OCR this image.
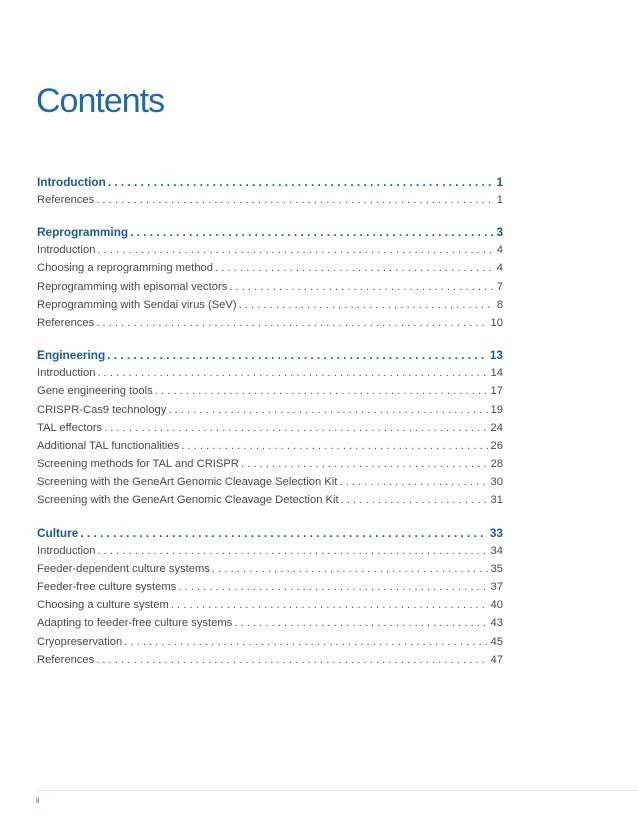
Contents
Introduction . . .	1
References . . .	1
Reprogramming . . .	3
Introduction . . .	4
Choosing a reprogramming method . . .	4
Reprogramming with episomal vectors . . .	7
Reprogramming with Sendai virus (SeV) . . .	8
References . . .	10
Engineering . . .	13
Introduction . . .	14
Gene engineering tools . . .	17
CRISPR-Cas9 technology . . .	19
TAL effectors . . .	24
Additional TAL functionalities . . .	26
Screening methods for TAL and CRISPR . . .	28
Screening with the GeneArt Genomic Cleavage Selection Kit . . .	30
Screening with the GeneArt Genomic Cleavage Detection Kit . . .	31
Culture . . .	33
Introduction . . .	34
Feeder-dependent culture systems . . .	35
Feeder-free culture systems . . .	37
Choosing a culture system . . .	40
Adapting to feeder-free culture systems . . .	43
Cryopreservation . . .	45
References . . .	47
ii
